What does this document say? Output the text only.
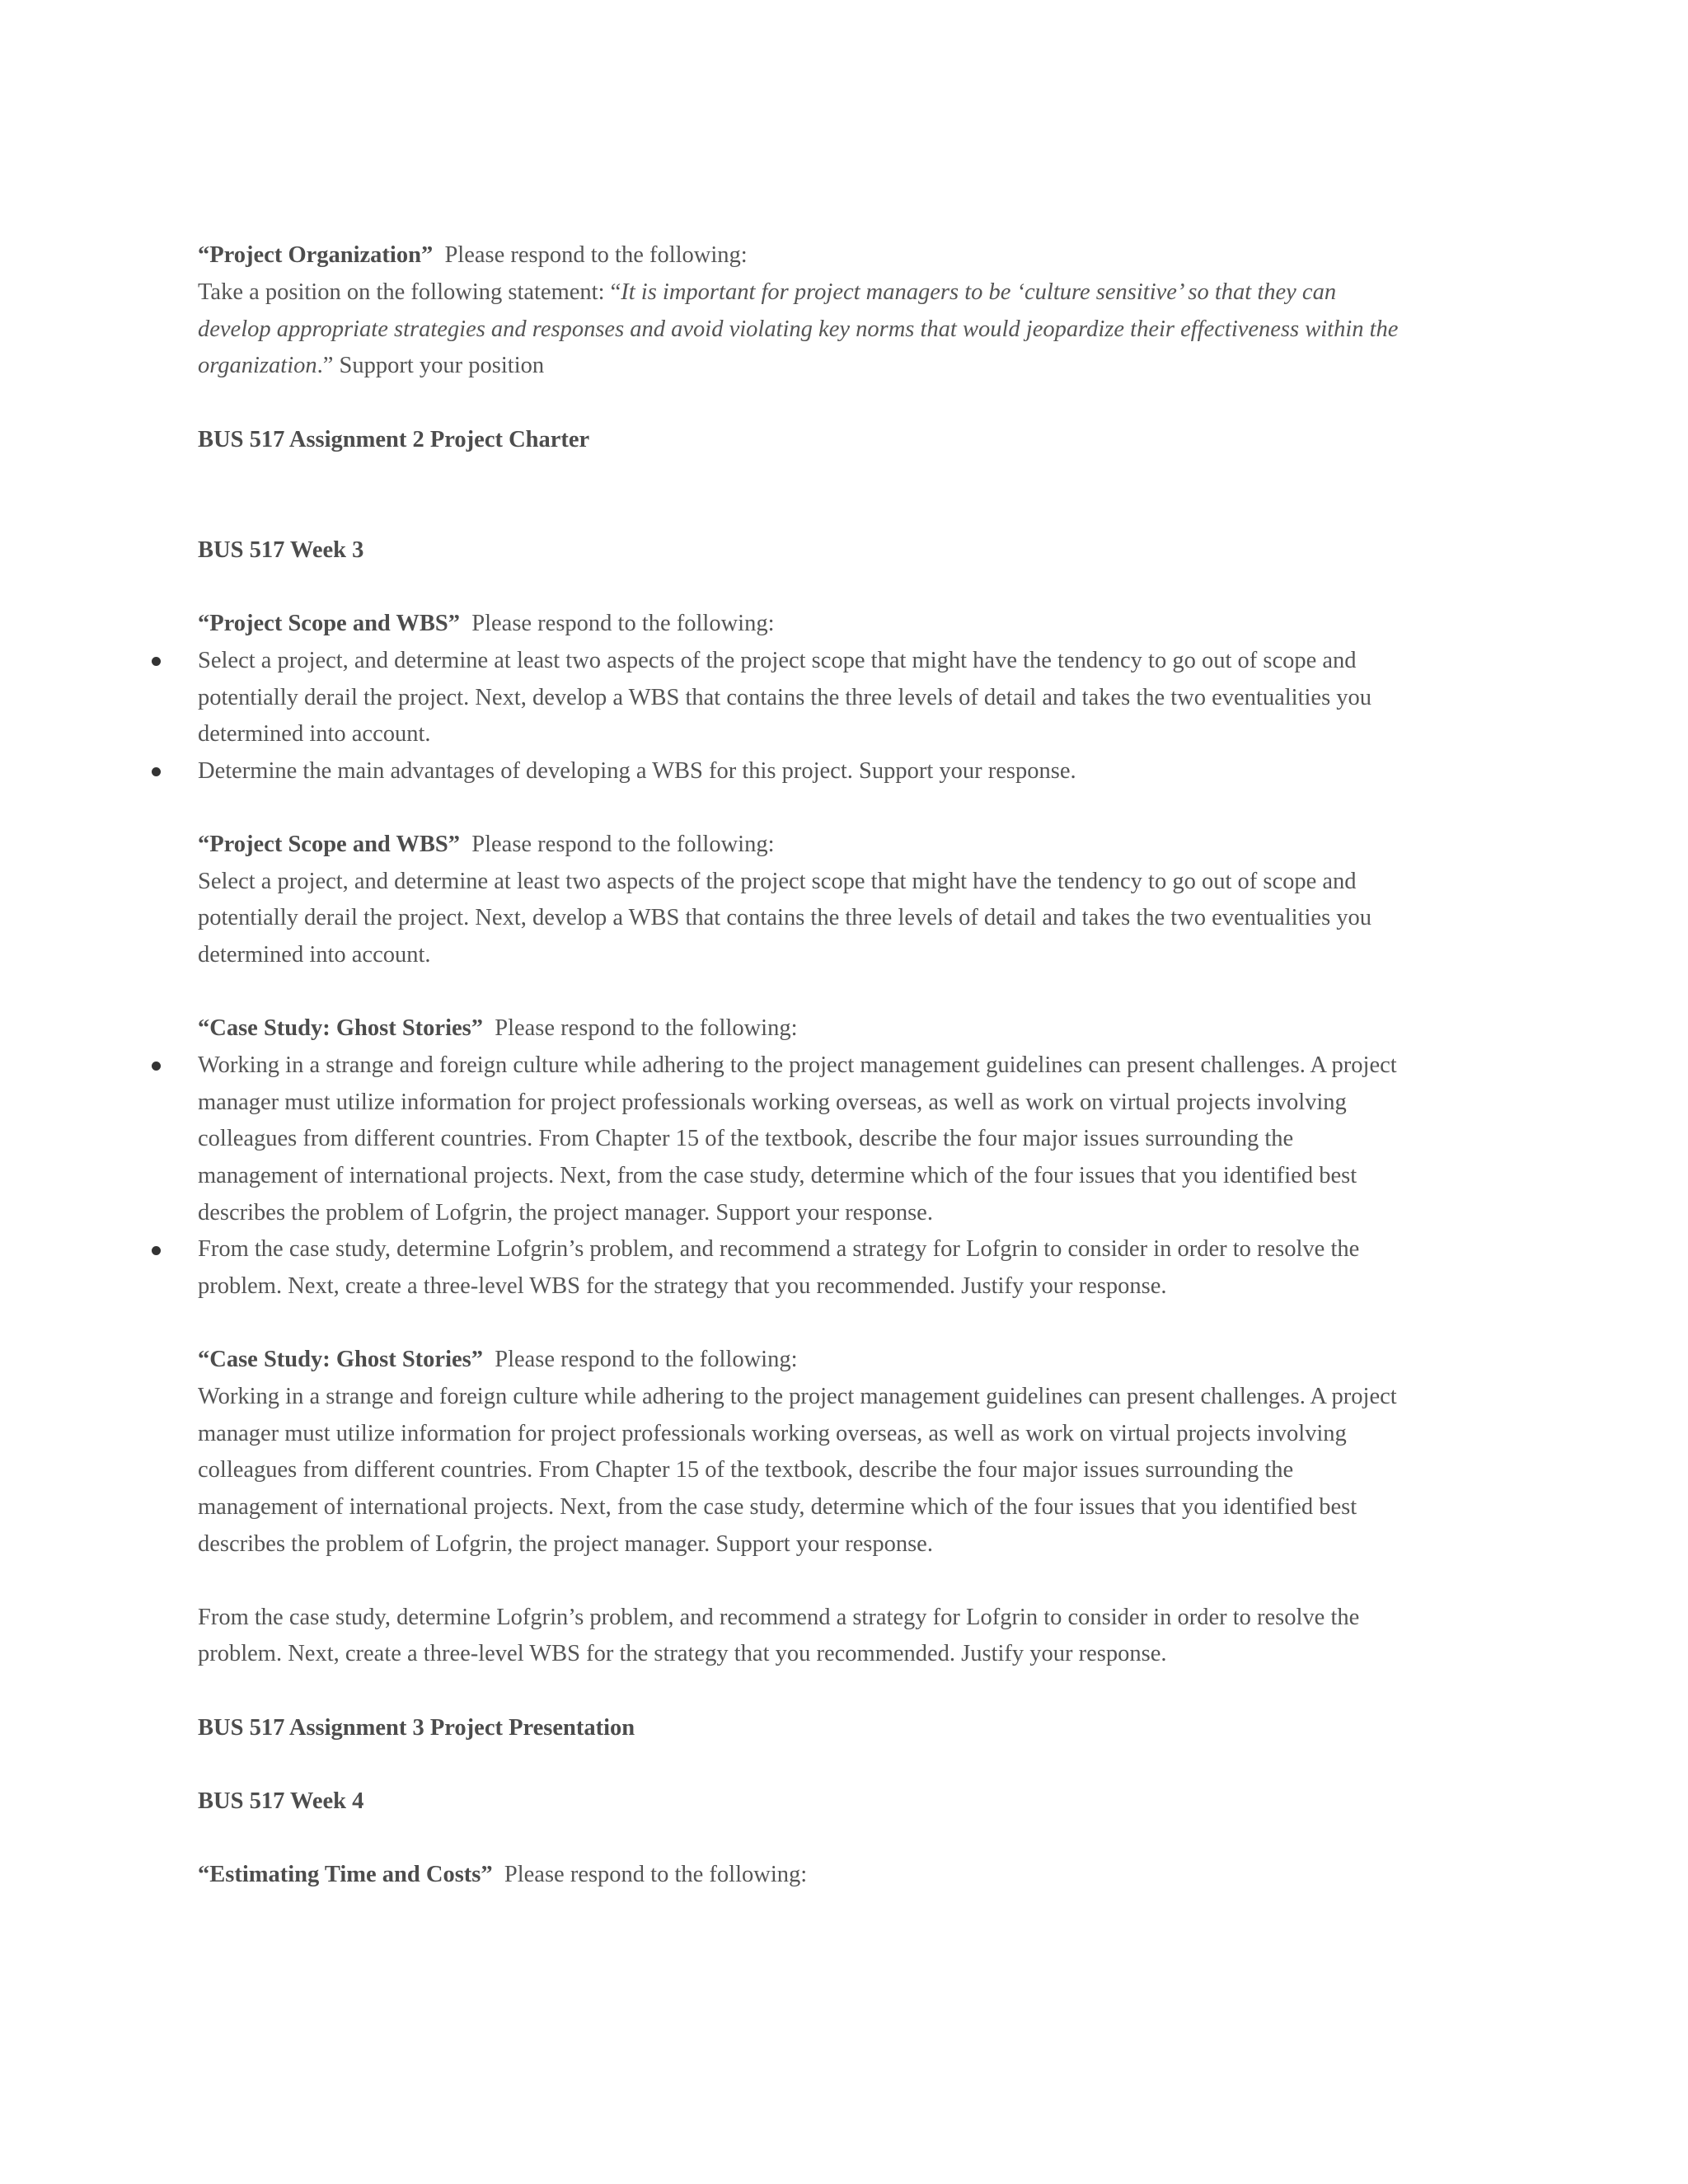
“Project Organization” Please respond to the following:
Take a position on the following statement: “It is important for project managers to be ‘culture sensitive’ so that they can
develop appropriate strategies and responses and avoid violating key norms that would jeopardize their effectiveness within the
organization.” Support your position
BUS 517 Assignment 2 Project Charter
BUS 517 Week 3
“Project Scope and WBS” Please respond to the following:
Select a project, and determine at least two aspects of the project scope that might have the tendency to go out of scope and
potentially derail the project. Next, develop a WBS that contains the three levels of detail and takes the two eventualities you
determined into account.
Determine the main advantages of developing a WBS for this project. Support your response.
“Project Scope and WBS” Please respond to the following:
Select a project, and determine at least two aspects of the project scope that might have the tendency to go out of scope and
potentially derail the project. Next, develop a WBS that contains the three levels of detail and takes the two eventualities you
determined into account.
“Case Study: Ghost Stories” Please respond to the following:
Working in a strange and foreign culture while adhering to the project management guidelines can present challenges. A project
manager must utilize information for project professionals working overseas, as well as work on virtual projects involving
colleagues from different countries. From Chapter 15 of the textbook, describe the four major issues surrounding the
management of international projects. Next, from the case study, determine which of the four issues that you identified best
describes the problem of Lofgrin, the project manager. Support your response.
From the case study, determine Lofgrin’s problem, and recommend a strategy for Lofgrin to consider in order to resolve the
problem. Next, create a three-level WBS for the strategy that you recommended. Justify your response.
“Case Study: Ghost Stories” Please respond to the following:
Working in a strange and foreign culture while adhering to the project management guidelines can present challenges. A project
manager must utilize information for project professionals working overseas, as well as work on virtual projects involving
colleagues from different countries. From Chapter 15 of the textbook, describe the four major issues surrounding the
management of international projects. Next, from the case study, determine which of the four issues that you identified best
describes the problem of Lofgrin, the project manager. Support your response.
From the case study, determine Lofgrin’s problem, and recommend a strategy for Lofgrin to consider in order to resolve the
problem. Next, create a three-level WBS for the strategy that you recommended. Justify your response.
BUS 517 Assignment 3 Project Presentation
BUS 517 Week 4
“Estimating Time and Costs” Please respond to the following:
